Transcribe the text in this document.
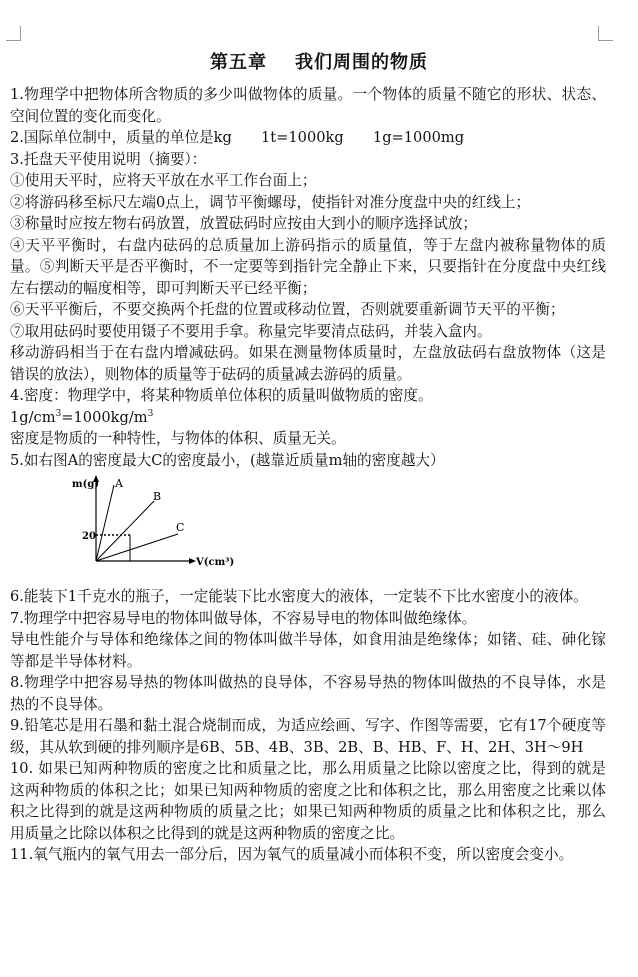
第五章 我们周围的物质

1.物理学中把物体所含物质的多少叫做物体的质量。一个物体的质量不随它的形状、状态、空间位置的变化而变化。

2.国际单位制中，质量的单位是kg　　1t=1000kg　　1g=1000mg

3.托盘天平使用说明（摘要）：

①使用天平时，应将天平放在水平工作台面上；

②将游码移至标尺左端0点上，调节平衡螺母，使指针对准分度盘中央的红线上；

③称量时应按左物右码放置，放置砝码时应按由大到小的顺序选择试放；

④天平平衡时，右盘内砝码的总质量加上游码指示的质量值，等于左盘内被称量物体的质量。⑤判断天平是否平衡时，不一定要等到指针完全静止下来，只要指针在分度盘中央红线左右摆动的幅度相等，即可判断天平已经平衡；

⑥天平平衡后，不要交换两个托盘的位置或移动位置，否则就要重新调节天平的平衡；

⑦取用砝码时要使用镊子不要用手拿。称量完毕要清点砝码，并装入盒内。

移动游码相当于在右盘内增减砝码。如果在测量物体质量时，左盘放砝码右盘放物体（这是错误的放法），则物体的质量等于砝码的质量减去游码的质量。

4.密度：物理学中，将某种物质单位体积的质量叫做物质的密度。

$1g/cm^3=1000kg/m^3$

密度是物质的一种特性，与物体的体积、质量无关。

5.如右图A的密度最大C的密度最小，(越靠近质量m轴的密度越大）

m(g)
V(cm³)
20
A
B
C

6.能装下1千克水的瓶子，一定能装下比水密度大的液体，一定装不下比水密度小的液体。

7.物理学中把容易导电的物体叫做导体，不容易导电的物体叫做绝缘体。

导电性能介与导体和绝缘体之间的物体叫做半导体，如食用油是绝缘体；如锗、硅、砷化镓等都是半导体材料。

8.物理学中把容易导热的物体叫做热的良导体，不容易导热的物体叫做热的不良导体，水是热的不良导体。

9.铅笔芯是用石墨和黏土混合烧制而成，为适应绘画、写字、作图等需要，它有17个硬度等级，其从软到硬的排列顺序是6B、5B、4B、3B、2B、B、HB、F、H、2H、3H～9H

10. 如果已知两种物质的密度之比和质量之比，那么用质量之比除以密度之比，得到的就是这两种物质的体积之比；如果已知两种物质的密度之比和体积之比，那么用密度之比乘以体积之比得到的就是这两种物质的质量之比；如果已知两种物质的质量之比和体积之比，那么用质量之比除以体积之比得到的就是这两种物质的密度之比。

11.氧气瓶内的氧气用去一部分后，因为氧气的质量减小而体积不变，所以密度会变小。
